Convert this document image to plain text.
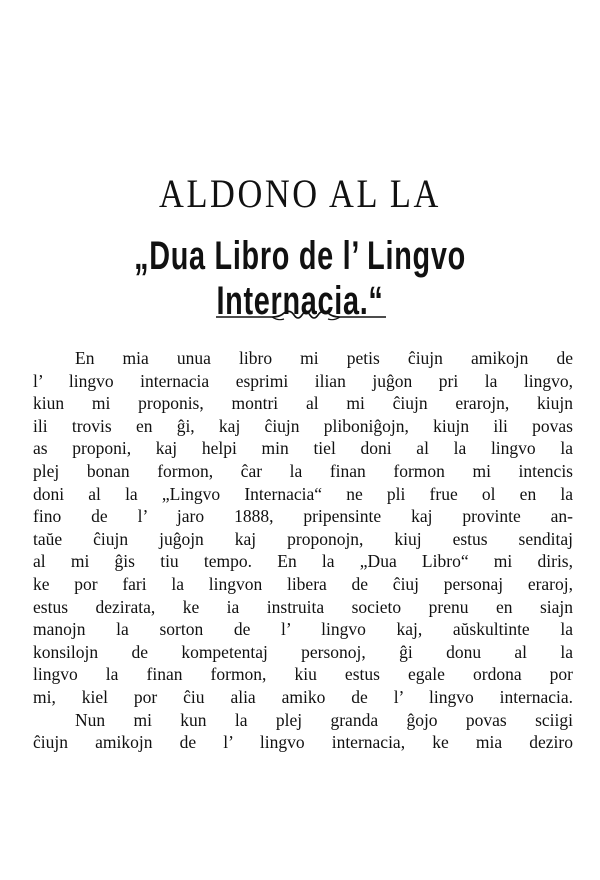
ALDONO AL LA
„Dua Libro de l’ Lingvo Internacia.“
En mia unua libro mi petis ĉiujn amikojn de
l’ lingvo internacia esprimi ilian juĝon pri la lingvo,
kiun mi proponis, montri al mi ĉiujn erarojn, kiujn
ili trovis en ĝi, kaj ĉiujn pliboniĝojn, kiujn ili povas
as proponi, kaj helpi min tiel doni al la lingvo la
plej bonan formon, ĉar la finan formon mi intencis
doni al la „Lingvo Internacia“ ne pli frue ol en la
fino de l’ jaro 1888, pripensinte kaj provinte an-
taŭe ĉiujn juĝojn kaj proponojn, kiuj estus senditaj
al mi ĝis tiu tempo. En la „Dua Libro“ mi diris,
ke por fari la lingvon libera de ĉiuj personaj eraroj,
estus dezirata, ke ia instruita societo prenu en siajn
manojn la sorton de l’ lingvo kaj, aŭskultinte la
konsilojn de kompetentaj personoj, ĝi donu al la
lingvo la finan formon, kiu estus egale ordona por
mi, kiel por ĉiu alia amiko de l’ lingvo internacia.
Nun mi kun la plej granda ĝojo povas sciigi
ĉiujn amikojn de l’ lingvo internacia, ke mia deziro
